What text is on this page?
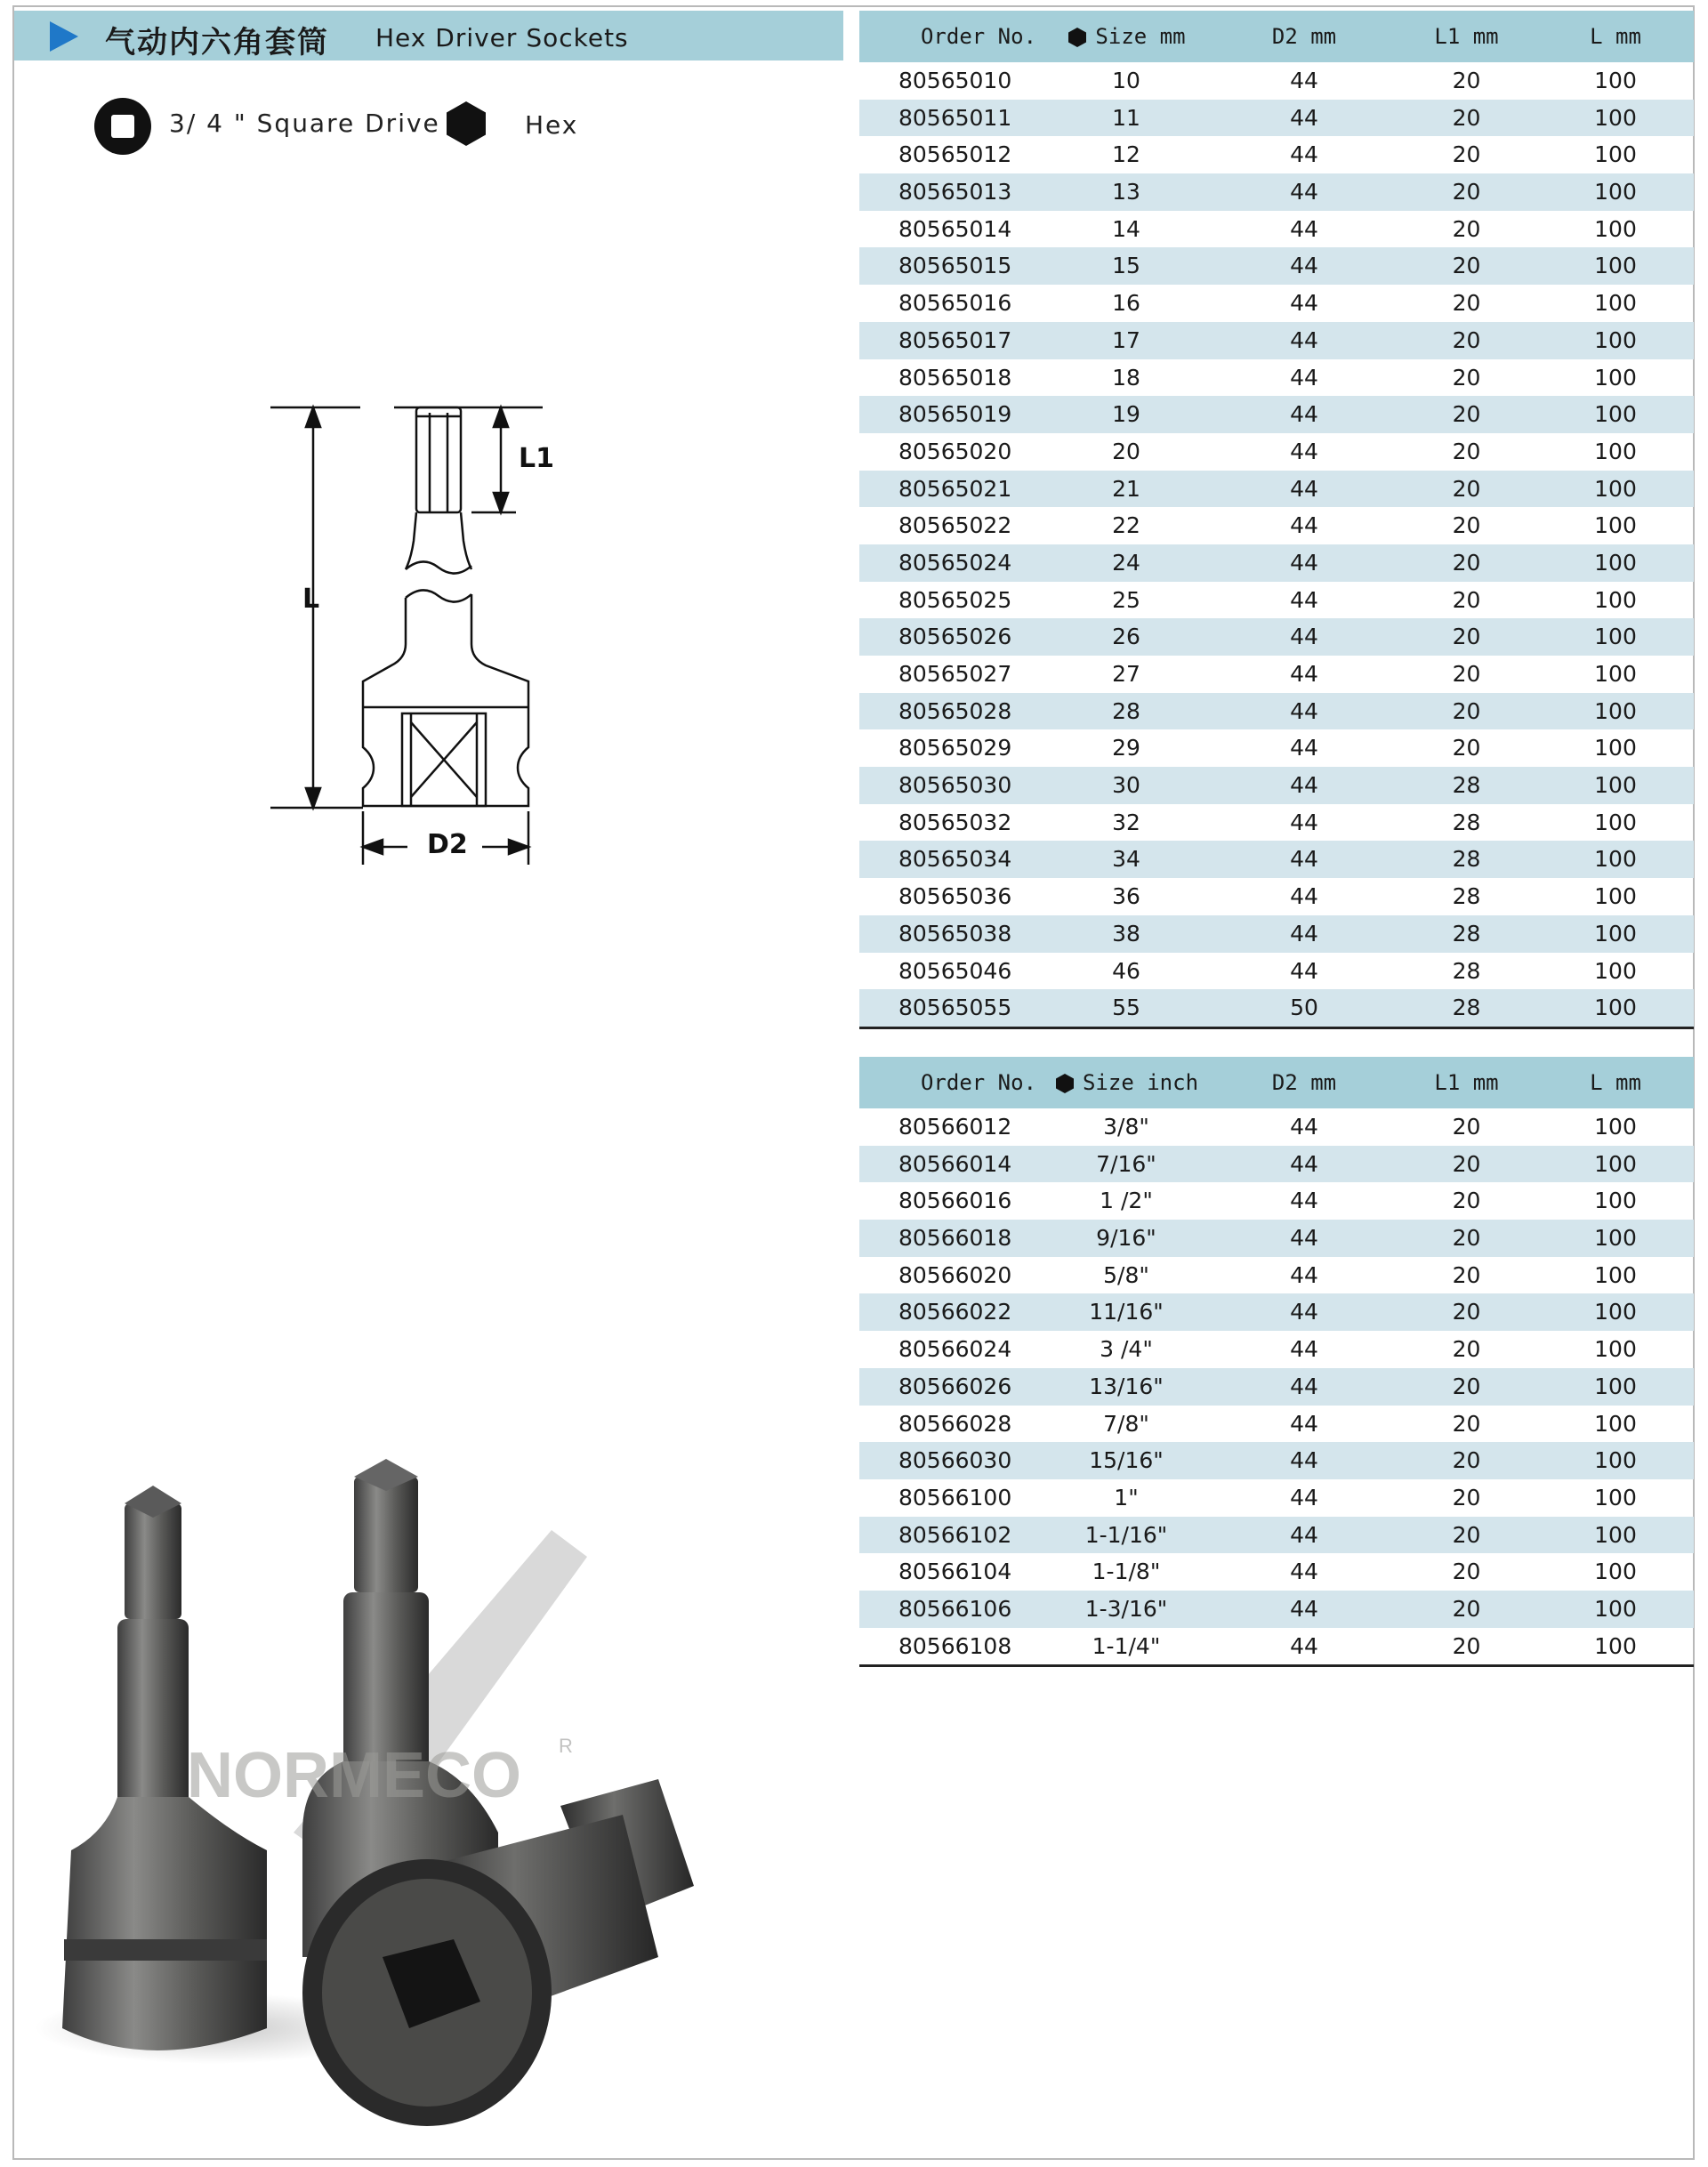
气动内六角套筒 Hex Driver Sockets
3/ 4 " Square Drive	Hex
L1
L
D2
NORMECO R
Order No.	Size mm	D2 mm	L1 mm	L mm
80565010	10	44	20	100
80565011	11	44	20	100
80565012	12	44	20	100
80565013	13	44	20	100
80565014	14	44	20	100
80565015	15	44	20	100
80565016	16	44	20	100
80565017	17	44	20	100
80565018	18	44	20	100
80565019	19	44	20	100
80565020	20	44	20	100
80565021	21	44	20	100
80565022	22	44	20	100
80565024	24	44	20	100
80565025	25	44	20	100
80565026	26	44	20	100
80565027	27	44	20	100
80565028	28	44	20	100
80565029	29	44	20	100
80565030	30	44	28	100
80565032	32	44	28	100
80565034	34	44	28	100
80565036	36	44	28	100
80565038	38	44	28	100
80565046	46	44	28	100
80565055	55	50	28	100
Order No.	Size inch	D2 mm	L1 mm	L mm
80566012	3/8"	44	20	100
80566014	7/16"	44	20	100
80566016	1 /2"	44	20	100
80566018	9/16"	44	20	100
80566020	5/8"	44	20	100
80566022	11/16"	44	20	100
80566024	3 /4"	44	20	100
80566026	13/16"	44	20	100
80566028	7/8"	44	20	100
80566030	15/16"	44	20	100
80566100	1"	44	20	100
80566102	1-1/16"	44	20	100
80566104	1-1/8"	44	20	100
80566106	1-3/16"	44	20	100
80566108	1-1/4"	44	20	100
